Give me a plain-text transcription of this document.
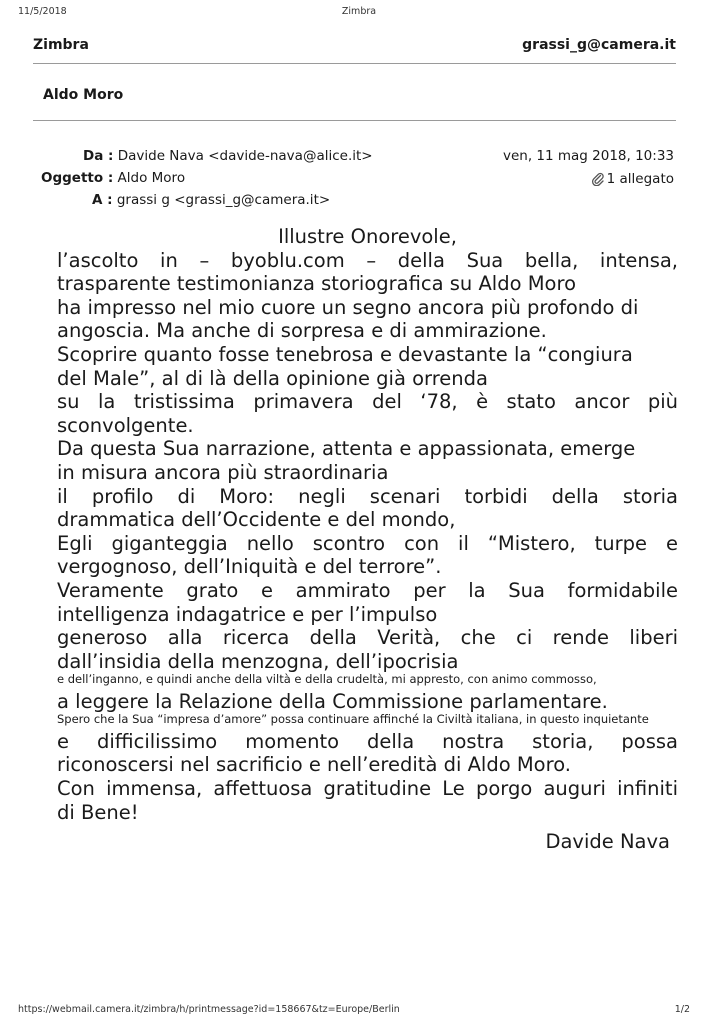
11/5/2018	Zimbra
Zimbra	grassi_g@camera.it
Aldo Moro
Da : Davide Nava <davide-nava@alice.it>
Oggetto : Aldo Moro
A : grassi g <grassi_g@camera.it>
ven, 11 mag 2018, 10:33
1 allegato
Illustre Onorevole,
l’ascolto in – byoblu.com – della Sua bella, intensa,
trasparente testimonianza storiografica su Aldo Moro
ha impresso nel mio cuore un segno ancora più profondo di
angoscia. Ma anche di sorpresa e di ammirazione.
Scoprire quanto fosse tenebrosa e devastante la “congiura
del Male”, al di là della opinione già orrenda
su la tristissima primavera del ‘78, è stato ancor più
sconvolgente.
Da questa Sua narrazione, attenta e appassionata, emerge
in misura ancora più straordinaria
il profilo di Moro: negli scenari torbidi della storia
drammatica dell’Occidente e del mondo,
Egli giganteggia nello scontro con il “Mistero, turpe e
vergognoso, dell’Iniquità e del terrore”.
Veramente grato e ammirato per la Sua formidabile
intelligenza indagatrice e per l’impulso
generoso alla ricerca della Verità, che ci rende liberi
dall’insidia della menzogna, dell’ipocrisia
e dell’inganno, e quindi anche della viltà e della crudeltà, mi appresto, con animo commosso,
a leggere la Relazione della Commissione parlamentare.
Spero che la Sua “impresa d’amore” possa continuare affinché la Civiltà italiana, in questo inquietante
e difficilissimo momento della nostra storia, possa
riconoscersi nel sacrificio e nell’eredità di Aldo Moro.
Con immensa, affettuosa gratitudine Le porgo auguri infiniti
di Bene!
Davide Nava
https://webmail.camera.it/zimbra/h/printmessage?id=158667&tz=Europe/Berlin	1/2
